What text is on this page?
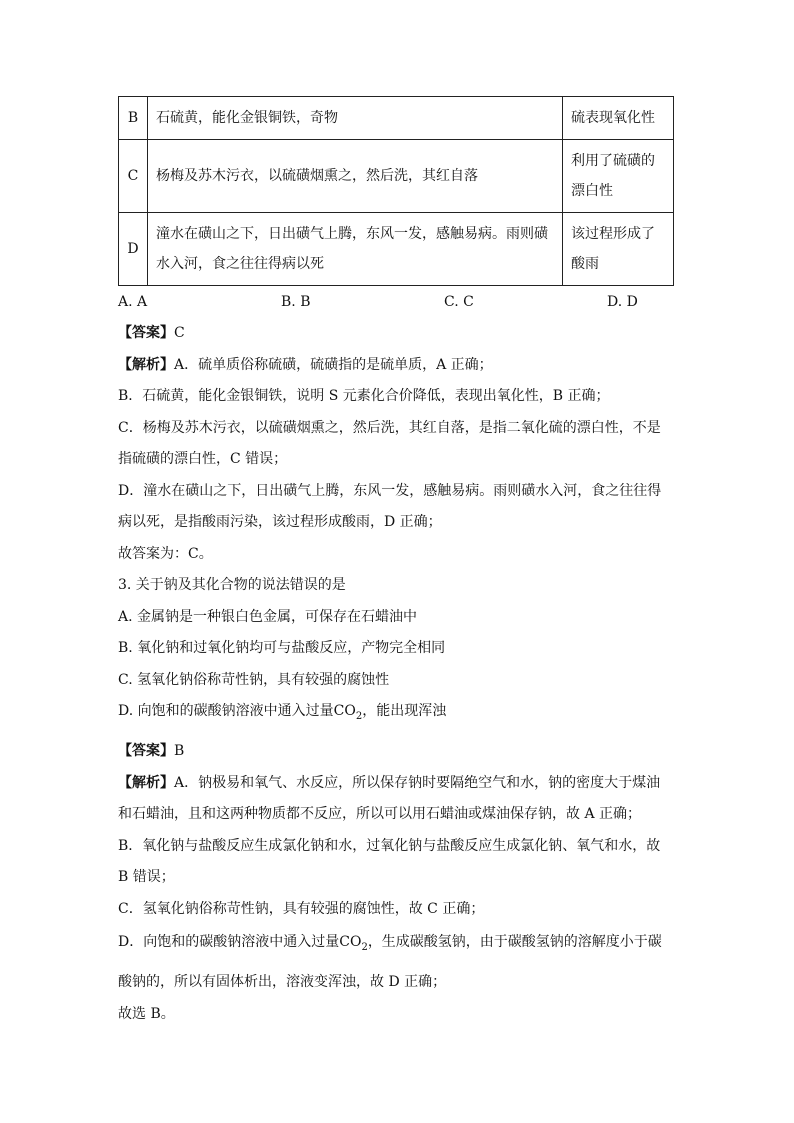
B	石硫黄，能化金银铜铁，奇物	硫表现氧化性
C	杨梅及苏木污衣，以硫磺烟熏之，然后洗，其红自落	利用了硫磺的漂白性
D	潼水在磺山之下，日出磺气上腾，东风一发，感触易病。雨则磺水入河，食之往往得病以死	该过程形成了酸雨
A. A	B. B	C. C	D. D

【答案】C

【解析】A．硫单质俗称硫磺，硫磺指的是硫单质，A 正确；

B．石硫黄，能化金银铜铁，说明 S 元素化合价降低，表现出氧化性，B 正确；

C．杨梅及苏木污衣，以硫磺烟熏之，然后洗，其红自落，是指二氧化硫的漂白性，不是指硫磺的漂白性，C 错误；

D．潼水在磺山之下，日出磺气上腾，东风一发，感触易病。雨则磺水入河，食之往往得病以死，是指酸雨污染，该过程形成酸雨，D 正确；

故答案为：C。

3. 关于钠及其化合物的说法错误的是

A. 金属钠是一种银白色金属，可保存在石蜡油中

B. 氧化钠和过氧化钠均可与盐酸反应，产物完全相同

C. 氢氧化钠俗称苛性钠，具有较强的腐蚀性

D. 向饱和的碳酸钠溶液中通入过量$CO_2$，能出现浑浊

【答案】B

【解析】A．钠极易和氧气、水反应，所以保存钠时要隔绝空气和水，钠的密度大于煤油和石蜡油，且和这两种物质都不反应，所以可以用石蜡油或煤油保存钠，故 A 正确；

B．氧化钠与盐酸反应生成氯化钠和水，过氧化钠与盐酸反应生成氯化钠、氧气和水，故 B 错误；

C．氢氧化钠俗称苛性钠，具有较强的腐蚀性，故 C 正确；

D．向饱和的碳酸钠溶液中通入过量$CO_2$，生成碳酸氢钠，由于碳酸氢钠的溶解度小于碳酸钠的，所以有固体析出，溶液变浑浊，故 D 正确；

故选 B。
